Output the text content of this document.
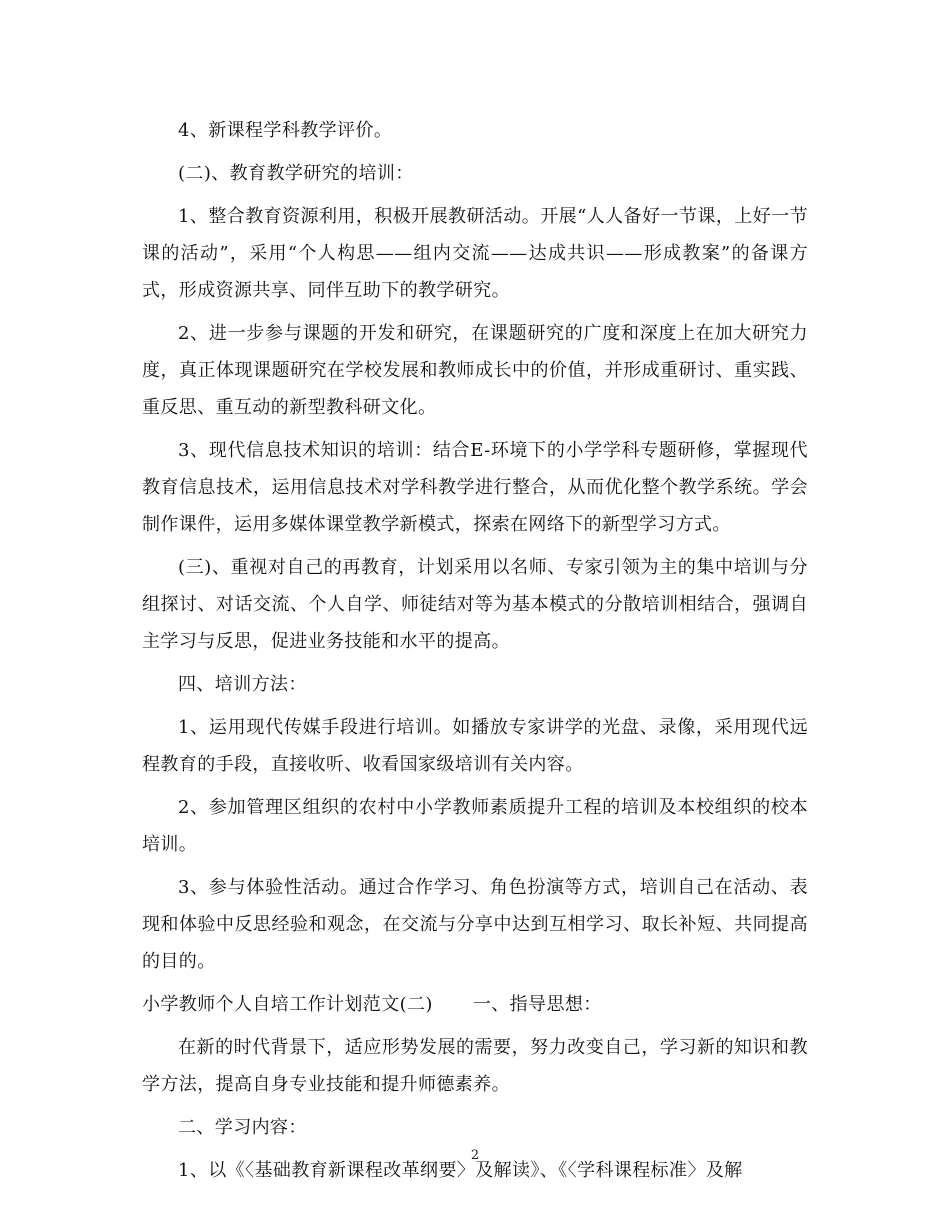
4、新课程学科教学评价。

(二)、教育教学研究的培训：

1、整合教育资源利用，积极开展教研活动。开展“人人备好一节课，上好一节课的活动”，采用“个人构思——组内交流——达成共识——形成教案”的备课方式，形成资源共享、同伴互助下的教学研究。

2、进一步参与课题的开发和研究，在课题研究的广度和深度上在加大研究力度，真正体现课题研究在学校发展和教师成长中的价值，并形成重研讨、重实践、重反思、重互动的新型教科研文化。

3、现代信息技术知识的培训：结合E-环境下的小学学科专题研修，掌握现代教育信息技术，运用信息技术对学科教学进行整合，从而优化整个教学系统。学会制作课件，运用多媒体课堂教学新模式，探索在网络下的新型学习方式。

(三)、重视对自己的再教育，计划采用以名师、专家引领为主的集中培训与分组探讨、对话交流、个人自学、师徒结对等为基本模式的分散培训相结合，强调自主学习与反思，促进业务技能和水平的提高。

四、培训方法：

1、运用现代传媒手段进行培训。如播放专家讲学的光盘、录像，采用现代远程教育的手段，直接收听、收看国家级培训有关内容。

2、参加管理区组织的农村中小学教师素质提升工程的培训及本校组织的校本培训。

3、参与体验性活动。通过合作学习、角色扮演等方式，培训自己在活动、表现和体验中反思经验和观念，在交流与分享中达到互相学习、取长补短、共同提高的目的。

小学教师个人自培工作计划范文(二) 一、指导思想：

在新的时代背景下，适应形势发展的需要，努力改变自己，学习新的知识和教学方法，提高自身专业技能和提升师德素养。

二、学习内容：

1、以《〈基础教育新课程改革纲要〉及解读》、《〈学科课程标准〉及解

2
